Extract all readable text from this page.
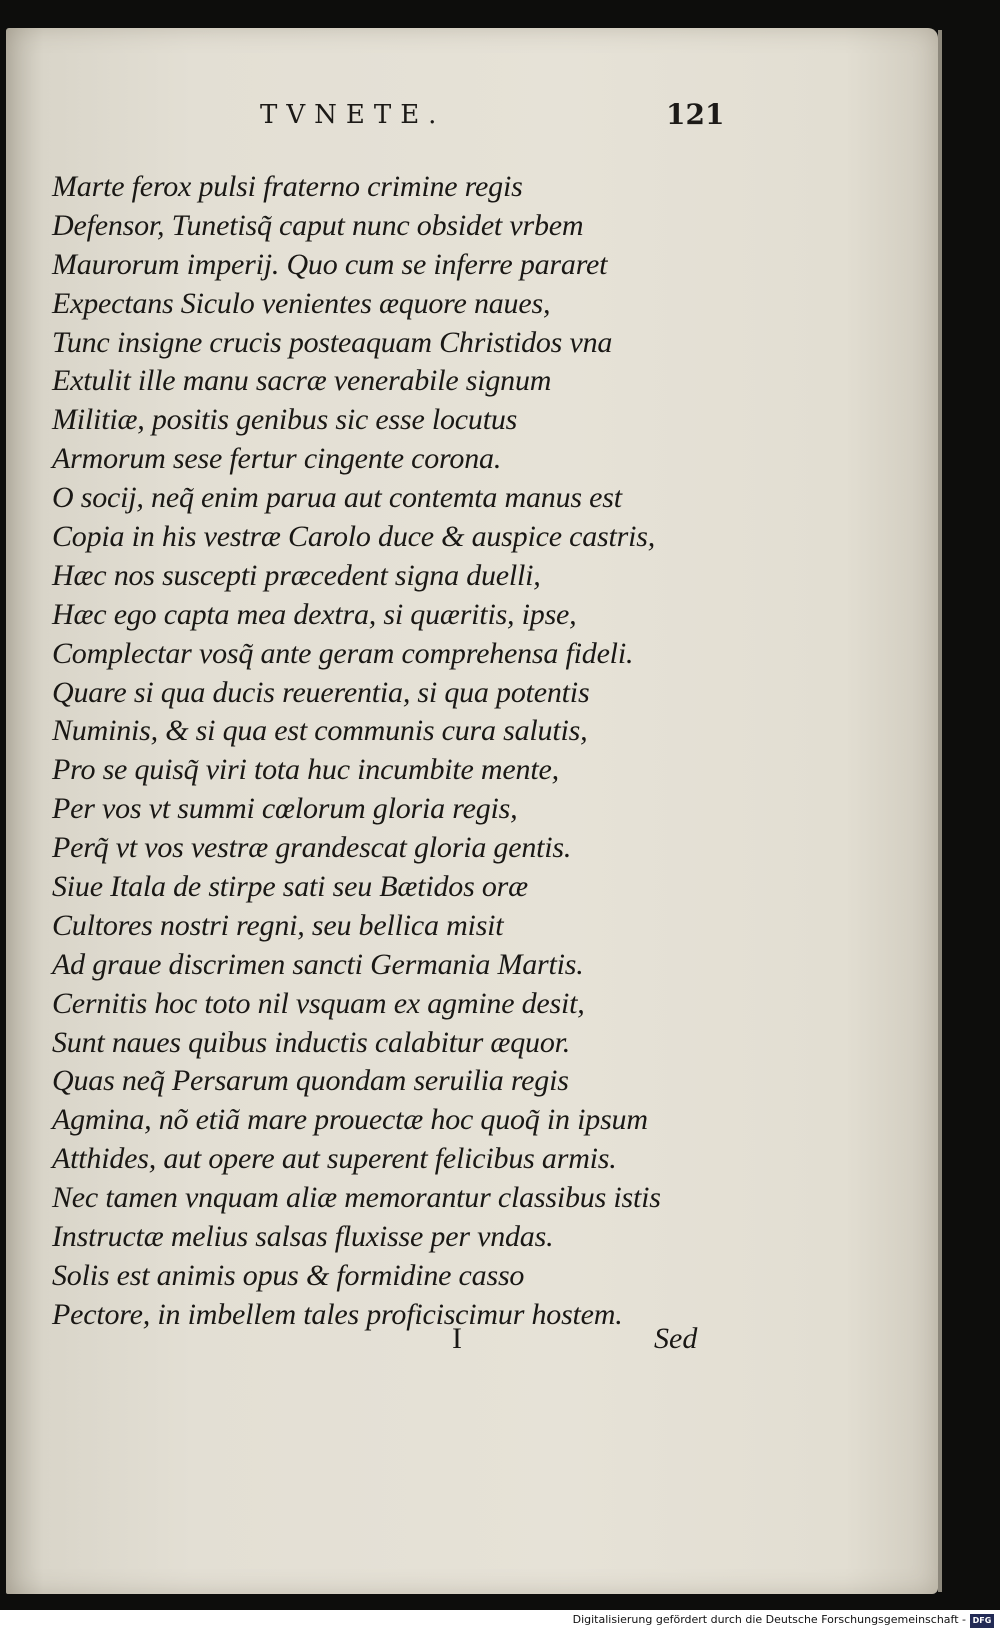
TVNETE.	121
Marte ferox pulsi fraterno crimine regis
Defensor, Tunetisq̃ caput nunc obsidet vrbem
Maurorum imperij. Quo cum se inferre pararet
Expectans Siculo venientes æquore naues,
Tunc insigne crucis posteaquam Christidos vna
Extulit ille manu sacræ venerabile signum
Militiæ, positis genibus sic esse locutus
Armorum sese fertur cingente corona.
O socij, neq̃ enim parua aut contemta manus est
Copia in his vestræ Carolo duce & auspice castris,
Hæc nos suscepti præcedent signa duelli,
Hæc ego capta mea dextra, si quæritis, ipse,
Complectar vosq̃ ante geram comprehensa fideli.
Quare si qua ducis reuerentia, si qua potentis
Numinis, & si qua est communis cura salutis,
Pro se quisq̃ viri tota huc incumbite mente,
Per vos vt summi cœlorum gloria regis,
Perq̃ vt vos vestræ grandescat gloria gentis.
Siue Itala de stirpe sati seu Bætidos oræ
Cultores nostri regni, seu bellica misit
Ad graue discrimen sancti Germania Martis.
Cernitis hoc toto nil vsquam ex agmine desit,
Sunt naues quibus inductis calabitur æquor.
Quas neq̃ Persarum quondam seruilia regis
Agmina, nõ etiã mare prouectæ hoc quoq̃ in ipsum
Atthides, aut opere aut superent felicibus armis.
Nec tamen vnquam aliæ memorantur classibus istis
Instructæ melius salsas fluxisse per vndas.
Solis est animis opus & formidine casso
Pectore, in imbellem tales proficiscimur hostem.
I	Sed
Digitalisierung gefördert durch die Deutsche Forschungsgemeinschaft - DFG
